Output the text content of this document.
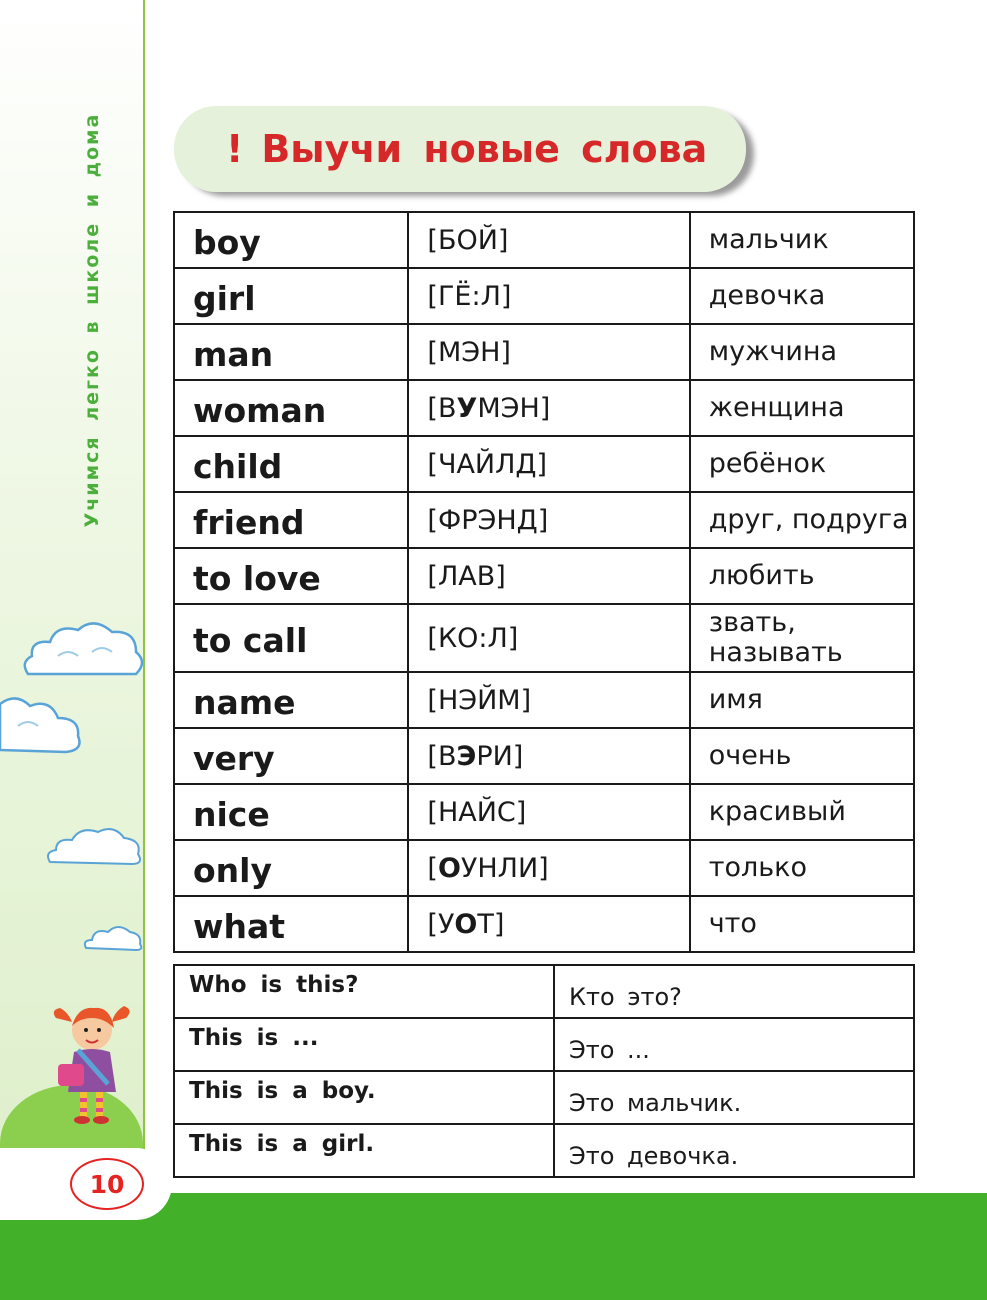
Учимся легко в школе и дома
10
! Выучи новые слова
boy	[БОЙ]	мальчик
girl	[ГЁ:Л]	девочка
man	[МЭН]	мужчина
woman	[ВУМЭН]	женщина
child	[ЧАЙЛД]	ребёнок
friend	[ФРЭНД]	друг, подруга
to love	[ЛАВ]	любить
to call	[КО:Л]	звать, называть
name	[НЭЙМ]	имя
very	[ВЭРИ]	очень
nice	[НАЙС]	красивый
only	[ОУНЛИ]	только
what	[УОТ]	что
Who is this?	Кто это?
This is ...	Это ...
This is a boy.	Это мальчик.
This is a girl.	Это девочка.
